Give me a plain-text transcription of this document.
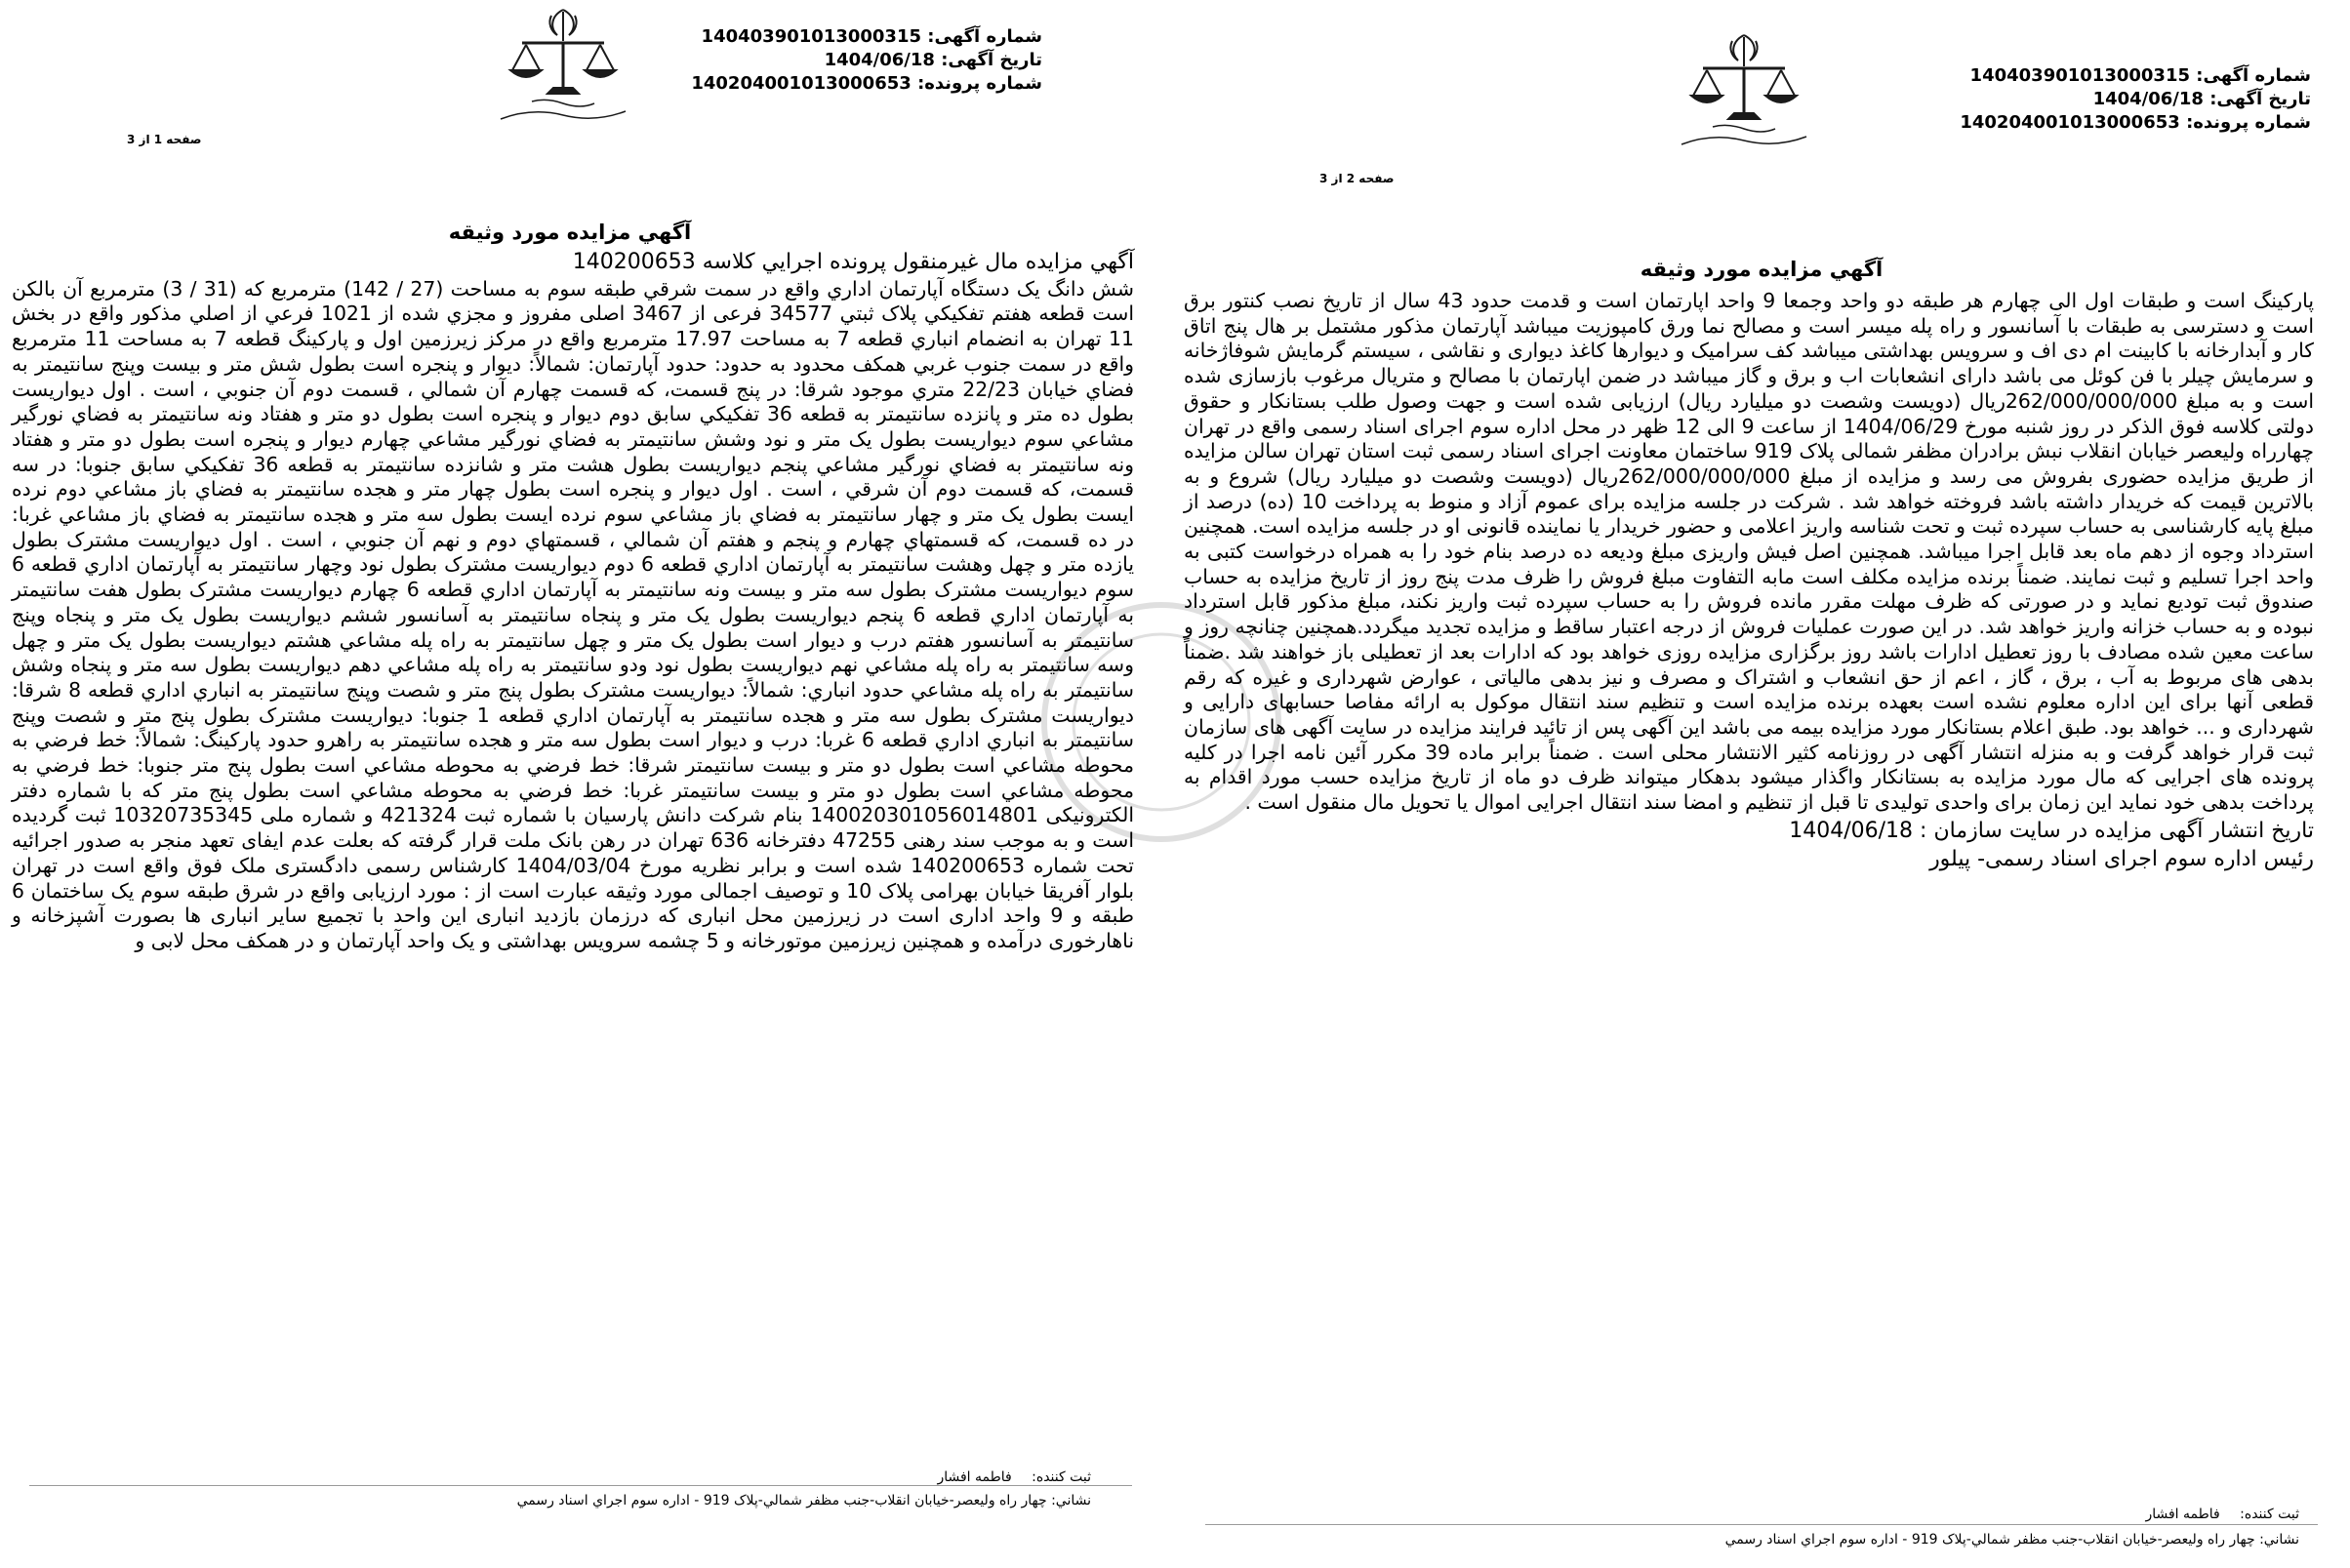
شماره آگهی: 140403901013000315
تاریخ آگهی: 1404/06/18
شماره پرونده: 140204001013000653
صفحه 1 از 3
آگهي مزايده مورد وثيقه

آگهي مزايده مال غيرمنقول پرونده اجرايي كلاسه 140200653

شش دانگ يک دستگاه آپارتمان اداري واقع در سمت شرقي طبقه سوم به مساحت (27 / 142) مترمربع که (31 / 3) مترمربع آن بالکن است قطعه هفتم تفکيکي پلاک ثبتي 34577 فرعی از 3467 اصلی مفروز و مجزي شده از 1021 فرعي از اصلي مذکور واقع در بخش 11 تهران به انضمام انباري قطعه 7 به مساحت 17.97 مترمربع واقع در مرکز زيرزمين اول و پارکينگ قطعه 7 به مساحت 11 مترمربع واقع در سمت جنوب غربي همکف محدود به حدود: حدود آپارتمان: شمالاً: ديوار و پنجره است بطول شش متر و بيست وپنج سانتيمتر به فضاي خيابان 22/23 متري موجود شرقا: در پنج قسمت، که قسمت چهارم آن شمالي ، قسمت دوم آن جنوبي ، است . اول ديواريست بطول ده متر و پانزده سانتيمتر به قطعه 36 تفکيکي سابق دوم ديوار و پنجره است بطول دو متر و هفتاد ونه سانتيمتر به فضاي نورگير مشاعي سوم ديواريست بطول يک متر و نود وشش سانتيمتر به فضاي نورگير مشاعي چهارم ديوار و پنجره است بطول دو متر و هفتاد ونه سانتيمتر به فضاي نورگير مشاعي پنجم ديواريست بطول هشت متر و شانزده سانتيمتر به قطعه 36 تفکيکي سابق جنوبا: در سه قسمت، که قسمت دوم آن شرقي ، است . اول ديوار و پنجره است بطول چهار متر و هجده سانتيمتر به فضاي باز مشاعي دوم نرده ايست بطول يک متر و چهار سانتيمتر به فضاي باز مشاعي سوم نرده ايست بطول سه متر و هجده سانتيمتر به فضاي باز مشاعي غربا: در ده قسمت، که قسمتهاي چهارم و پنجم و هفتم آن شمالي ، قسمتهاي دوم و نهم آن جنوبي ، است . اول ديواريست مشترک بطول يازده متر و چهل وهشت سانتيمتر به آپارتمان اداري قطعه 6 دوم ديواريست مشترک بطول نود وچهار سانتيمتر به آپارتمان اداري قطعه 6 سوم ديواريست مشترک بطول سه متر و بيست ونه سانتيمتر به آپارتمان اداري قطعه 6 چهارم ديواريست مشترک بطول هفت سانتيمتر به آپارتمان اداري قطعه 6 پنجم ديواريست بطول يک متر و پنجاه سانتيمتر به آسانسور ششم ديواريست بطول يک متر و پنجاه وپنج سانتيمتر به آسانسور هفتم درب و ديوار است بطول يک متر و چهل سانتيمتر به راه پله مشاعي هشتم ديواريست بطول يک متر و چهل وسه سانتيمتر به راه پله مشاعي نهم ديواريست بطول نود ودو سانتيمتر به راه پله مشاعي دهم ديواريست بطول سه متر و پنجاه وشش سانتيمتر به راه پله مشاعي حدود انباري: شمالاً: ديواريست مشترک بطول پنج متر و شصت وپنج سانتيمتر به انباري اداري قطعه 8 شرقا: ديواريست مشترک بطول سه متر و هجده سانتيمتر به آپارتمان اداري قطعه 1 جنوبا: ديواريست مشترک بطول پنج متر و شصت وپنج سانتيمتر به انباري اداري قطعه 6 غربا: درب و ديوار است بطول سه متر و هجده سانتيمتر به راهرو حدود پارکينگ: شمالاً: خط فرضي به محوطه مشاعي است بطول دو متر و بيست سانتيمتر شرقا: خط فرضي به محوطه مشاعي است بطول پنج متر جنوبا: خط فرضي به محوطه مشاعي است بطول دو متر و بيست سانتيمتر غربا: خط فرضي به محوطه مشاعي است بطول پنج متر که با شماره دفتر الکترونيکی 140020301056014801 بنام شرکت دانش پارسيان با شماره ثبت 421324 و شماره ملی 10320735345 ثبت گرديده است و به موجب سند رهنی 47255 دفترخانه 636 تهران در رهن بانک ملت قرار گرفته که بعلت عدم ايفای تعهد منجر به صدور اجرائيه تحت شماره 140200653 شده است و برابر نظريه مورخ 1404/03/04 کارشناس رسمی دادگستری ملک فوق واقع است در تهران بلوار آفريقا خيابان بهرامی پلاک 10 و توصيف اجمالی مورد وثيقه عبارت است از : مورد ارزيابی واقع در شرق طبقه سوم يک ساختمان 6 طبقه و 9 واحد اداری است در زيرزمين محل انباری که درزمان بازديد انباری اين واحد با تجميع ساير انباری ها بصورت آشپزخانه و ناهارخوری درآمده و همچنين زيرزمين موتورخانه و 5 چشمه سرويس بهداشتی و يک واحد آپارتمان و در همکف محل لابی و

ثبت كننده: فاطمه افشار
نشاني: چهار راه وليعصر-خيابان انقلاب-جنب مظفر شمالي-پلاک 919 - اداره سوم اجراي اسناد رسمي
شماره آگهی: 140403901013000315
تاریخ آگهی: 1404/06/18
شماره پرونده: 140204001013000653
صفحه 2 از 3
آگهي مزايده مورد وثيقه

پارکينگ است و طبقات اول الی چهارم هر طبقه دو واحد وجمعا 9 واحد اپارتمان است و قدمت حدود 43 سال از تاريخ نصب کنتور برق است و دسترسی به طبقات با آسانسور و راه پله ميسر است و مصالح نما ورق کامپوزيت ميباشد آپارتمان مذکور مشتمل بر هال پنج اتاق کار و آبدارخانه با کابينت ام دی اف و سرويس بهداشتی ميباشد کف سراميک و ديوارها کاغذ ديواری و نقاشی ، سيستم گرمايش شوفاژخانه و سرمايش چيلر با فن کوئل می باشد دارای انشعابات اب و برق و گاز ميباشد در ضمن اپارتمان با مصالح و متريال مرغوب بازسازی شده است و به مبلغ 262/000/000/000ريال (دويست وشصت دو ميليارد ريال) ارزيابی شده است و جهت وصول طلب بستانکار و حقوق دولتی کلاسه فوق الذکر در روز شنبه مورخ 1404/06/29 از ساعت 9 الی 12 ظهر در محل اداره سوم اجرای اسناد رسمی واقع در تهران چهارراه وليعصر خيابان انقلاب نبش برادران مظفر شمالی پلاک 919 ساختمان معاونت اجرای اسناد رسمی ثبت استان تهران سالن مزايده از طريق مزايده حضوری بفروش می رسد و مزايده از مبلغ 262/000/000/000ريال (دويست وشصت دو ميليارد ريال) شروع و به بالاترين قيمت که خريدار داشته باشد فروخته خواهد شد . شرکت در جلسه مزايده برای عموم آزاد و منوط به پرداخت 10 (ده) درصد از مبلغ پايه کارشناسی به حساب سپرده ثبت و تحت شناسه واريز اعلامی و حضور خريدار يا نماينده قانونی او در جلسه مزايده است. همچنين استرداد وجوه از دهم ماه بعد قابل اجرا ميباشد. همچنين اصل فيش واريزی مبلغ وديعه ده درصد بنام خود را به همراه درخواست کتبی به واحد اجرا تسليم و ثبت نمايند. ضمناً برنده مزايده مکلف است مابه التفاوت مبلغ فروش را ظرف مدت پنج روز از تاريخ مزايده به حساب صندوق ثبت توديع نمايد و در صورتی که ظرف مهلت مقرر مانده فروش را به حساب سپرده ثبت واريز نکند، مبلغ مذکور قابل استرداد نبوده و به حساب خزانه واريز خواهد شد. در اين صورت عمليات فروش از درجه اعتبار ساقط و مزايده تجديد ميگردد.همچنين چنانچه روز و ساعت معين شده مصادف با روز تعطيل ادارات باشد روز برگزاری مزايده روزی خواهد بود که ادارات بعد از تعطيلی باز خواهند شد .ضمناً بدهی های مربوط به آب ، برق ، گاز ، اعم از حق انشعاب و اشتراک و مصرف و نيز بدهی مالياتی ، عوارض شهرداری و غيره که رقم قطعی آنها برای اين اداره معلوم نشده است بعهده برنده مزايده است و تنظيم سند انتقال موکول به ارائه مفاصا حسابهای دارايی و شهرداری و ... خواهد بود. طبق اعلام بستانکار مورد مزايده بيمه می باشد اين آگهی پس از تائيد فرايند مزايده در سايت آگهی های سازمان ثبت قرار خواهد گرفت و به منزله انتشار آگهی در روزنامه کثير الانتشار محلی است . ضمناً برابر ماده 39 مکرر آئين نامه اجرا در کليه پرونده های اجرايی که مال مورد مزايده به بستانکار واگذار ميشود بدهکار ميتواند ظرف دو ماه از تاريخ مزايده حسب مورد اقدام به پرداخت بدهی خود نمايد اين زمان برای واحدی توليدی تا قبل از تنظيم و امضا سند انتقال اجرايی اموال يا تحويل مال منقول است .

تاريخ انتشار آگهی مزايده در سايت سازمان : 1404/06/18

رئيس اداره سوم اجرای اسناد رسمی- پيلور

ثبت كننده: فاطمه افشار
نشاني: چهار راه وليعصر-خيابان انقلاب-جنب مظفر شمالي-پلاک 919 - اداره سوم اجراي اسناد رسمي
